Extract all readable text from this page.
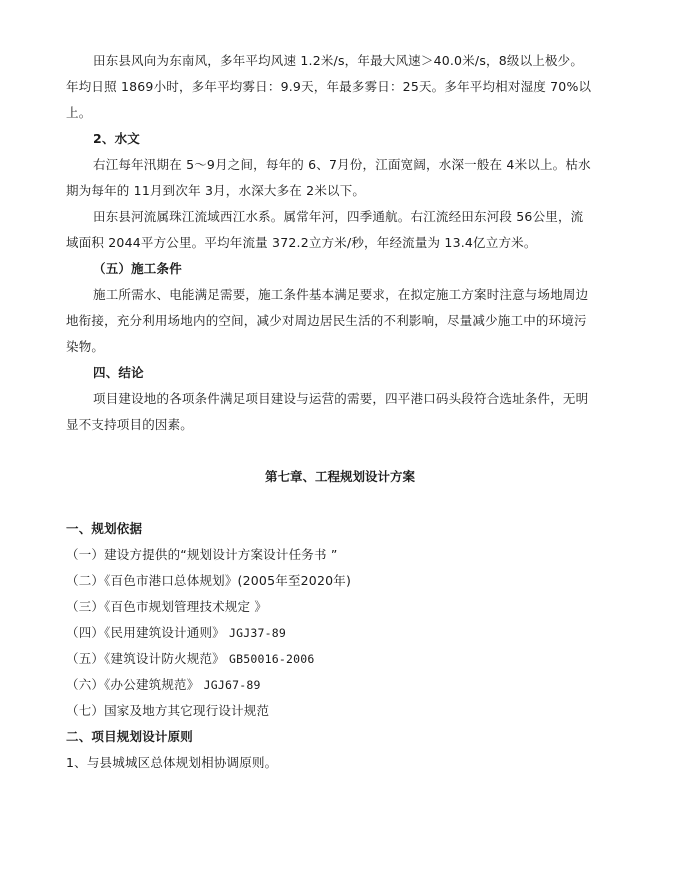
田东县风向为东南风，多年平均风速 1.2米/s，年最大风速＞40.0米/s，8级以上极少。
年均日照 1869小时，多年平均雾日：9.9天，年最多雾日：25天。多年平均相对湿度 70%以
上。
2、水文
右江每年汛期在 5～9月之间，每年的 6、7月份，江面宽阔，水深一般在 4米以上。枯水
期为每年的 11月到次年 3月，水深大多在 2米以下。
田东县河流属珠江流域西江水系。属常年河，四季通航。右江流经田东河段 56公里，流
域面积 2044平方公里。平均年流量 372.2立方米/秒，年经流量为 13.4亿立方米。
（五）施工条件
施工所需水、电能满足需要，施工条件基本满足要求，在拟定施工方案时注意与场地周边
地衔接，充分利用场地内的空间，减少对周边居民生活的不利影响，尽量减少施工中的环境污
染物。
四、结论
项目建设地的各项条件满足项目建设与运营的需要，四平港口码头段符合选址条件，无明
显不支持项目的因素。
第七章、工程规划设计方案
一、规划依据
（一）建设方提供的“规划设计方案设计任务书 ”
（二）《百色市港口总体规划》(2005年至2020年)
（三）《百色市规划管理技术规定 》
（四）《民用建筑设计通则》 JGJ37-89
（五）《建筑设计防火规范》 GB50016-2006
（六）《办公建筑规范》 JGJ67-89
（七）国家及地方其它现行设计规范
二、项目规划设计原则
1、与县城城区总体规划相协调原则。
